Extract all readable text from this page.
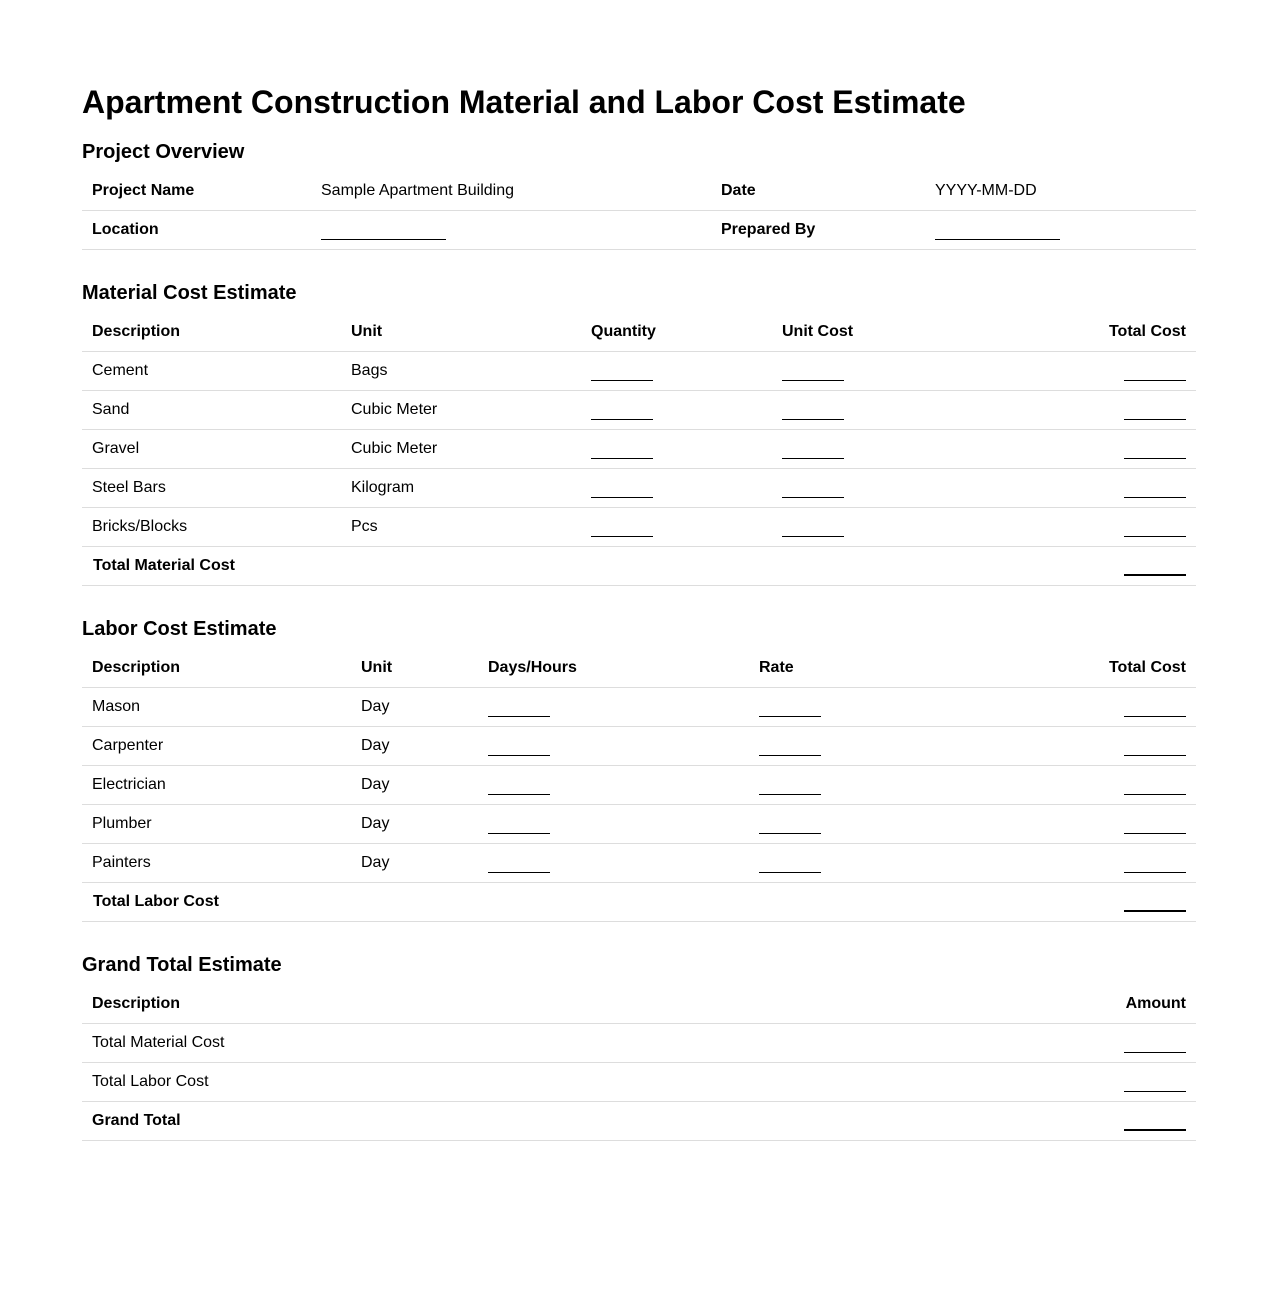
Apartment Construction Material and Labor Cost Estimate
Project Overview
Project Name	Sample Apartment Building	Date	YYYY-MM-DD
Location		Prepared By	
Material Cost Estimate
Description	Unit	Quantity	Unit Cost	Total Cost
Cement	Bags			
Sand	Cubic Meter			
Gravel	Cubic Meter			
Steel Bars	Kilogram			
Bricks/Blocks	Pcs			
Total Material Cost				
Labor Cost Estimate
Description	Unit	Days/Hours	Rate	Total Cost
Mason	Day			
Carpenter	Day			
Electrician	Day			
Plumber	Day			
Painters	Day			
Total Labor Cost				
Grand Total Estimate
Description	Amount
Total Material Cost	
Total Labor Cost	
Grand Total	
